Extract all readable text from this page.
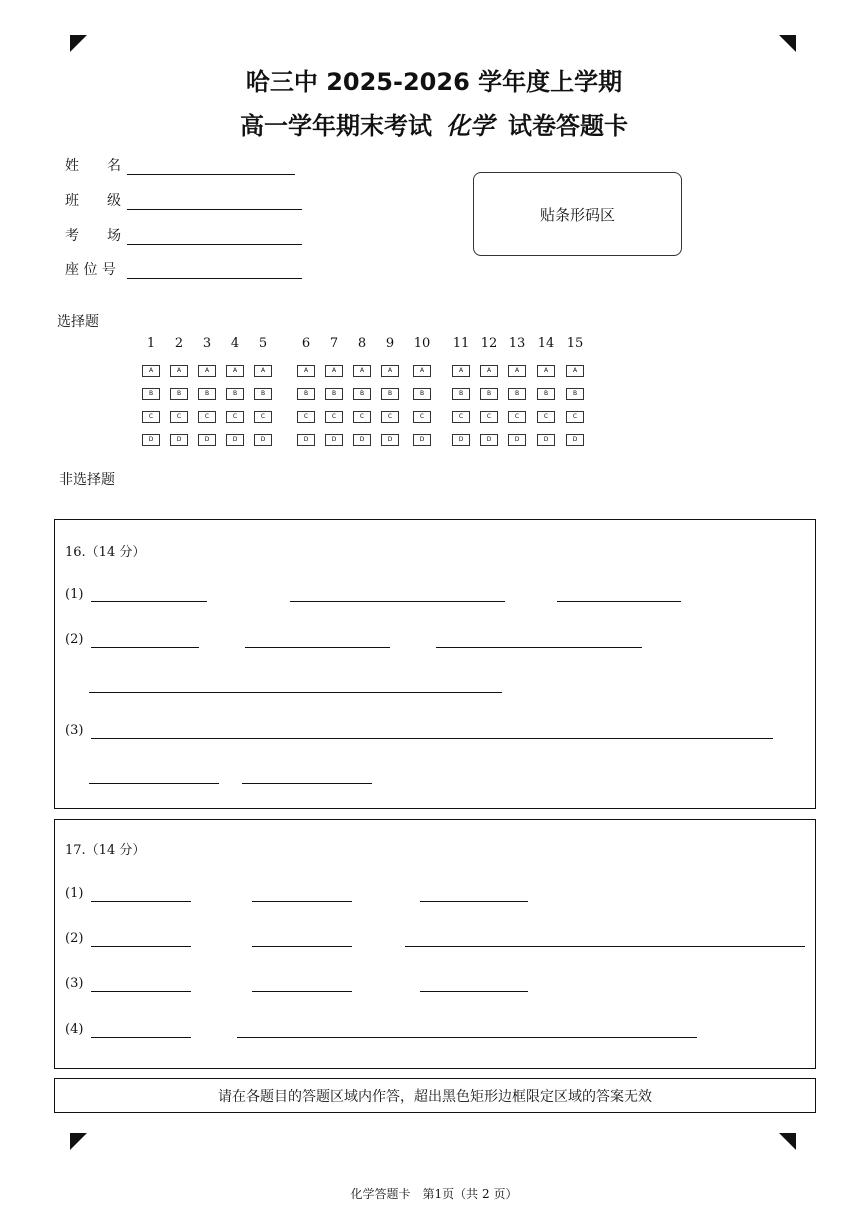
哈三中 2025-2026 学年度上学期
高一学年期末考试 化学 试卷答题卡
姓　　名
班　　级
考　　场
座 位 号
贴条形码区
选择题
1
A
B
C
D
2
A
B
C
D
3
A
B
C
D
4
A
B
C
D
5
A
B
C
D
6
A
B
C
D
7
A
B
C
D
8
A
B
C
D
9
A
B
C
D
10
A
B
C
D
11
A
B
C
D
12
A
B
C
D
13
A
B
C
D
14
A
B
C
D
15
A
B
C
D
非选择题
16.（14 分）
(1)
(2)
(3)
17.（14 分）
(1)
(2)
(3)
(4)
请在各题目的答题区域内作答，超出黑色矩形边框限定区域的答案无效
化学答题卡　第1页（共 2 页）
